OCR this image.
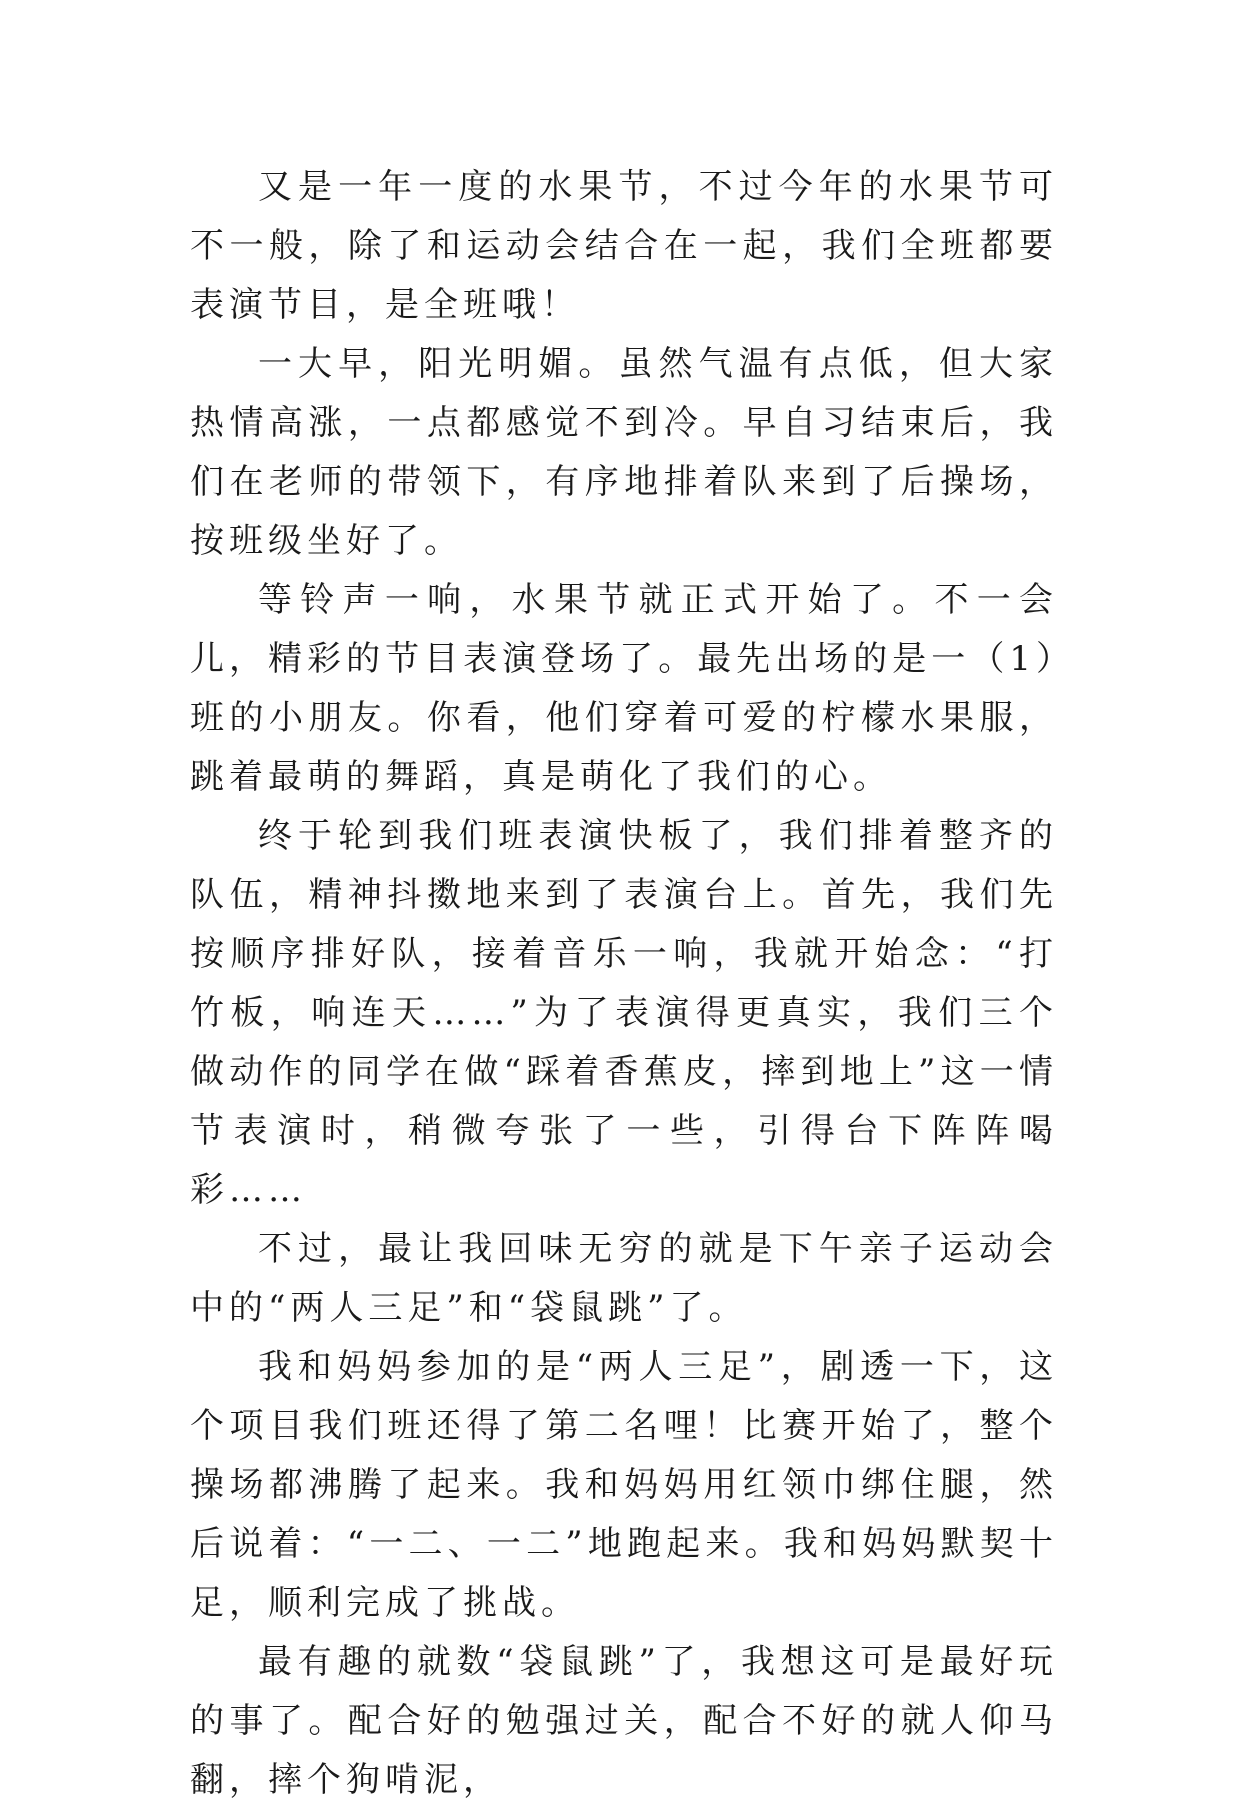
又是一年一度的水果节，不过今年的水果节可不一般，除了和运动会结合在一起，我们全班都要表演节目，是全班哦！

一大早，阳光明媚。虽然气温有点低，但大家热情高涨，一点都感觉不到冷。早自习结束后，我们在老师的带领下，有序地排着队来到了后操场，按班级坐好了。

等铃声一响，水果节就正式开始了。不一会儿，精彩的节目表演登场了。最先出场的是一（1）班的小朋友。你看，他们穿着可爱的柠檬水果服，跳着最萌的舞蹈，真是萌化了我们的心。

终于轮到我们班表演快板了，我们排着整齐的队伍，精神抖擞地来到了表演台上。首先，我们先按顺序排好队，接着音乐一响，我就开始念：“打竹板，响连天……”为了表演得更真实，我们三个做动作的同学在做“踩着香蕉皮，摔到地上”这一情节表演时，稍微夸张了一些，引得台下阵阵喝彩……

不过，最让我回味无穷的就是下午亲子运动会中的“两人三足”和“袋鼠跳”了。

我和妈妈参加的是“两人三足”，剧透一下，这个项目我们班还得了第二名哩！比赛开始了，整个操场都沸腾了起来。我和妈妈用红领巾绑住腿，然后说着：“一二、一二”地跑起来。我和妈妈默契十足，顺利完成了挑战。

最有趣的就数“袋鼠跳”了，我想这可是最好玩的事了。配合好的勉强过关，配合不好的就人仰马翻，摔个狗啃泥，
